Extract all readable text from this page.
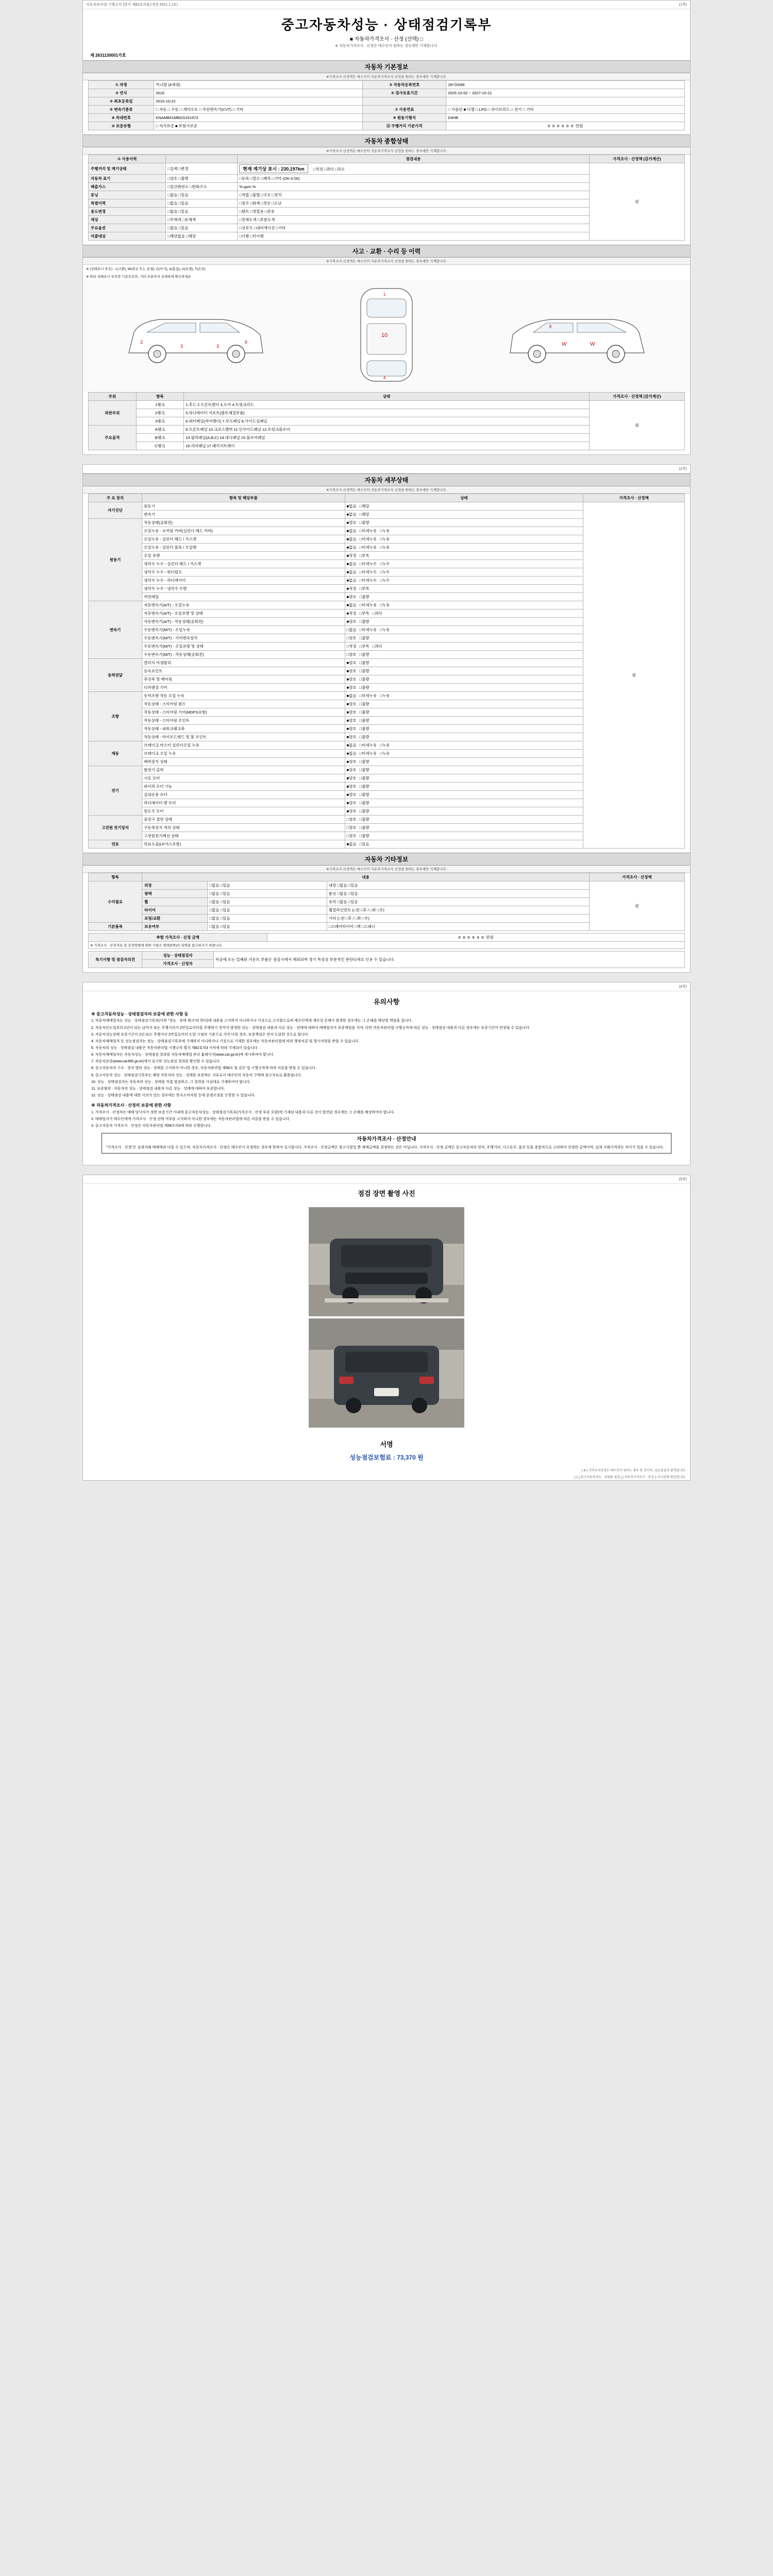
자동차관리법 시행규칙 [별지 제82호의3] (개정 2021.1.13.)	(1쪽)
중고자동차성능 · 상태점검기록부
■ 자동차가격조사 · 산정 (선택) □
※ 자동차가격조사 · 산정은 매수인이 원하는 경우에만 기재합니다.
제 2631130001가호
자동차 기본정보
※가격조사·산정액은 매수인이 자동차가격조사·산정을 원하는 경우에만 기재합니다.
① 차명	카니발 (4세대)	② 자동차등록번호	28더0099
③ 연식	2016	④ 검사유효기간	2025-10-02 ~ 2027-10-21
⑤ 최초등록일	2015-10-22		
⑥ 변속기종류	□ 자동 □ 수동 □ 세미오토 □ 무단변속기(CVT) □ 기타	⑦ 사용연료	□ 가솔린 ■ 디젤 □ LPG □ 하이브리드 □ 전기 □ 기타
⑧ 차대번호	KNAMB41MBGS161973	⑨ 원동기형식	D4HB
⑩ 보증유형	□ 자가보증 ■ 보험사보증	⑪ 주행거리 기준가격	0 0 0 0 0 0 만원
자동차 종합상태
※가격조사·산정액은 매수인이 자동차가격조사·산정을 원하는 경우에만 기재합니다.
① 사용이력		점검내용	가격조사 · 산정액 (감가계산)
주행거리 및 계기상태	□실제 □변경	현재 계기상 표시 : 230,197km □적정 □과다 □과소	원

자동차 표기	□양호 □불량	□등록 □말소 □폐차 □기타 (OK-0.00)	
배출가스	□일산화탄소 □탄화수소	% ppm %	
튜닝	□없음 □있음	□적법 □불법 □구조 □장치	
특별이력	□없음 □있음	□침수 □화재 □전손 □도난	
용도변경	□없음 □있음	□렌트 □영업용 □관용	
색상	□무채색 □유채색	□전체도색 □부분도색	
주요옵션	□없음 □있음	□선루프 □내비게이션 □기타	
리콜대상	□해당없음 □해당	□이행 □미이행	
사고 · 교환 · 수리 등 이력
※가격조사·산정액은 매수인이 자동차가격조사·산정을 원하는 경우에만 기재합니다.
※ (상태표시 부호) : ×(교환), W(판금 또는 용접), C(부식), A(흠집), U(요철), T(손상)
※ 하단 상태표시 부호란 기준으로만, 기타 부분까지 상세하게 확인하세요
3	3
6
2
10
1
4
W	W
X
부위	항목	상태	가격조사 · 산정액 (감가계산)
외판부위	1랭크	1.후드 2.프론트펜더 3.도어 4.트렁크리드	원
	2랭크	5.라디에이터 서포트(볼트체결부품)	
	3랭크	6.쿼터패널(리어펜더) 7.루프패널 8.사이드실패널	
주요골격	A랭크	9.프론트패널 10.크로스멤버 11.인사이드패널 12.트렁크플로어	
	B랭크	13.필러패널(A,B,C) 14.대시패널 15.플로어패널	
	C랭크	16.리어패널 17.패키지트레이	
(2쪽)
자동차 세부상태
※가격조사·산정액은 매수인이 자동차가격조사·산정을 원하는 경우에만 기재합니다.
주 요 장치	항목 및 해당부품	상태	가격조사 · 산정액
자기진단	원동기	■없음 □해당	원
	변속기	■없음 □해당	

원동기	작동상태(공회전)	■양호 □불량	

	오일누유 - 로커암 커버(실린더 헤드 커버)	■없음 □미세누유 □누유	

	오일누유 - 실린더 헤드 / 가스켓	■없음 □미세누유 □누유	

	오일누유 - 실린더 블록 / 오일팬	■없음 □미세누유 □누유	

	오일 유량	■적정 □부족	

	냉각수 누수 - 실린더 헤드 / 가스켓	■없음 □미세누수 □누수	

	냉각수 누수 - 워터펌프	■없음 □미세누수 □누수	

	냉각수 누수 - 라디에이터	■없음 □미세누수 □누수	

	냉각수 누수 - 냉각수 수량	■적정 □부족	

	커먼레일	■양호 □불량	

변속기	자동변속기(A/T) - 오일누유	■없음 □미세누유 □누유	

	자동변속기(A/T) - 오일유량 및 상태	■적정 □부족 □과다	

	자동변속기(A/T) - 작동상태(공회전)	■양호 □불량	

	수동변속기(M/T) - 오일누유	□없음 □미세누유 □누유	

	수동변속기(M/T) - 기어변속장치	□양호 □불량	

	수동변속기(M/T) - 오일유량 및 상태	□적정 □부족 □과다	

	수동변속기(M/T) - 작동상태(공회전)	□양호 □불량	

동력전달	클러치 어셈블리	■양호 □불량	

	등속죠인트	■양호 □불량	

	추진축 및 베어링	■양호 □불량	

	디퍼렌셜 기어	■양호 □불량	

조향	동력조향 작동 오일 누유	■없음 □미세누유 □누유	

	작동상태 - 스티어링 펌프	■양호 □불량	

	작동상태 - 스티어링 기어(MDPS포함)	■양호 □불량	

	작동상태 - 스티어링 조인트	■양호 □불량	

	작동상태 - 파워크랭크축	■양호 □불량	

	작동상태 - 타이로드엔드 및 볼 조인트	■양호 □불량	

제동	브레이크 마스터 실린더오일 누유	■없음 □미세누유 □누유	

	브레이크 오일 누유	■없음 □미세누유 □누유	

	배력장치 상태	■양호 □불량	

전기	발전기 출력	■양호 □불량	

	시동 모터	■양호 □불량	

	와이퍼 모터 기능	■양호 □불량	

	실내송풍 모터	■양호 □불량	

	라디에이터 팬 모터	■양호 □불량	

	윈도우 모터	■양호 □불량	

고전원 전기장치	충전구 절연 상태	□양호 □불량	

	구동축전지 격리 상태	□양호 □불량	

	고전원전기배선 상태	□양호 □불량	

연료	연료누출(LP가스포함)	■없음 □있음	
자동차 기타정보
※가격조사·산정액은 매수인이 자동차가격조사·산정을 원하는 경우에만 기재합니다.
항목	내용			가격조사 · 산정액
수리필요	외장	□없음 □있음	내장 □없음 □있음	원
	광택	□없음 □있음	룸싯 □없음 □있음	
	휠	□없음 □있음	유리 □없음 □있음	
	타이어	□없음 □있음	휠얼라인먼트 (□전 □후 / □좌 □우)	
	보링/교환	□없음 □있음	기타 (□전 □후 / □좌 □우)	
기본품목	보유여부	□없음 □있음	□스페어타이어 □잭 □스패너	
※합 가격조사 · 산정 금액	0 0 0 0 0 0 만원
※ 가격조사 · 산정자료 및 산정방법에 관한 사항은 뒷면(5쪽)의 설명을 참고하시기 바랍니다.
특기사항 및 점검자의견	성능 · 상태점검자	비공에 또는 밀폐된 가운트 부품은 점검시에서 제외되며 경기 특성상 부분적인 판단되세요 인용 수 있습니다.
가격조사 · 산정자
(4쪽)
유의사항

※ 중고자동차성능 · 상태점검자의 보증에 관한 사항 등

1. 자동차매매업자는 성능 · 상태점검기록부(이하 "성능 · 상태 체크"라 한다)에 내용을 고지하지 아니하거나 거짓으로 고지함으로써 매수인에게 재산상 손해가 발생한 경우에는 그 손해를 배상할 책임을 집니다.

2. 자동차인도일부터 2년이 되는 날까지 또는 주행거리가 2만킬로미터를 주행하기 전까지 발생한 성능 · 상태점검 내용과 다른 성능 · 상태에 대하여 매매업자가 보증책임을 지며, 다만 자동차관리법 시행규칙에 따른 성능 · 상태점검 내용과 다른 경우에는 보증기간이 연장될 수 있습니다.

3. 자동차성능상태 보증기간이 2년 또는 주행거리 2만킬로미터 도달 시점의 기준으로 각각 다를 경우, 보증책임은 먼저 도달한 것으로 합니다.

4. 자동차매매업자 등 성능점검자는 성능 · 상태점검기록부에 기재하지 아니하거나 거짓으로 기재한 경우에는 자동차관리법에 따라 행정처분 및 형사처벌을 받을 수 있습니다.

5. 자동차의 성능 · 상태점검 내용은 자동차관리법 시행규칙 별지 제82호의3 서식에 따라 기재되어 있습니다.

6. 자동차매매업자는 자동차성능 · 상태점검 결과를 자동차매매업 관리 홈페이지(www.car.go.kr)에 게시하여야 합니다.

7. 자동차보증(www.car365.go.kr)에서 실시한 성능점검 결과를 확인할 수 있습니다.

8. 중고자동차의 구조 · 장치 별의 성능 · 상태를 고지하지 아니한 경우, 자동차관리법 제58조 및 같은 법 시행규칙에 따라 처분을 받을 수 있습니다.

9. 중고자동차 성능 · 상태점검기록부는 해당 자동차의 성능 · 상태를 보증하는 서류로서 매수인의 자동차 구매에 참고자료로 활용됩니다.

10. 성능 · 상태점검자는 자동차의 성능 · 상태를 직접 점검하고, 그 결과를 사실대로 기재하여야 합니다.

11. 보증범위 : 자동차의 성능 · 상태점검 내용과 다른 성능 · 상태에 대하여 보증합니다.

12. 성능 · 상태점검 내용에 대한 이의가 있는 경우에는 한국소비자원 등에 분쟁조정을 신청할 수 있습니다.

※ 자동차가격조사 · 산정의 보증에 관한 사항

1. 가격조사 · 산정자는 매매 당사자가 정한 보증기간 이내에 중고자동차성능 · 상태점검기록부(가격조사 · 산정 부분 포함)에 기재된 내용과 다른 것이 발견된 경우에는 그 손해를 배상하여야 합니다.

2. 매매업자가 매수인에게 가격조사 · 산정 선택 여부를 고지하지 아니한 경우에는 자동차관리법에 따른 처분을 받을 수 있습니다.

3. 중고자동차 가격조사 · 산정은 자동차관리법 제58조의4에 따라 수행합니다.

자동차가격조사 · 산정안내
"가격조사 · 산정"은 실제거래 매매액과 다를 수 있으며, 자동차가격조사 · 산정은 매수인이 요청하는 경우에 한하여 실시합니다. 가격조사 · 산정금액은 참고사항일 뿐 매매금액을 결정하는 것은 아닙니다. 가격조사 · 산정 금액은 중고자동차의 연식, 주행거리, 사고유무, 옵션 등을 종합적으로 고려하여 산정한 금액이며, 실제 거래가격과는 차이가 있을 수 있습니다.
(5쪽)
점검 장면 촬영 사진
서명
성능점검보험료 : 73,370 원
[ ※ ] 가격조사산정은 매수인이 원하는 경우 한 것이며, 성능점검과 별개입니다.
[ 1 ] 중고자동차성능 · 상태를 점검 [ ] 자동차가격조사 · 산정 1 비고란에 확인합니다.
